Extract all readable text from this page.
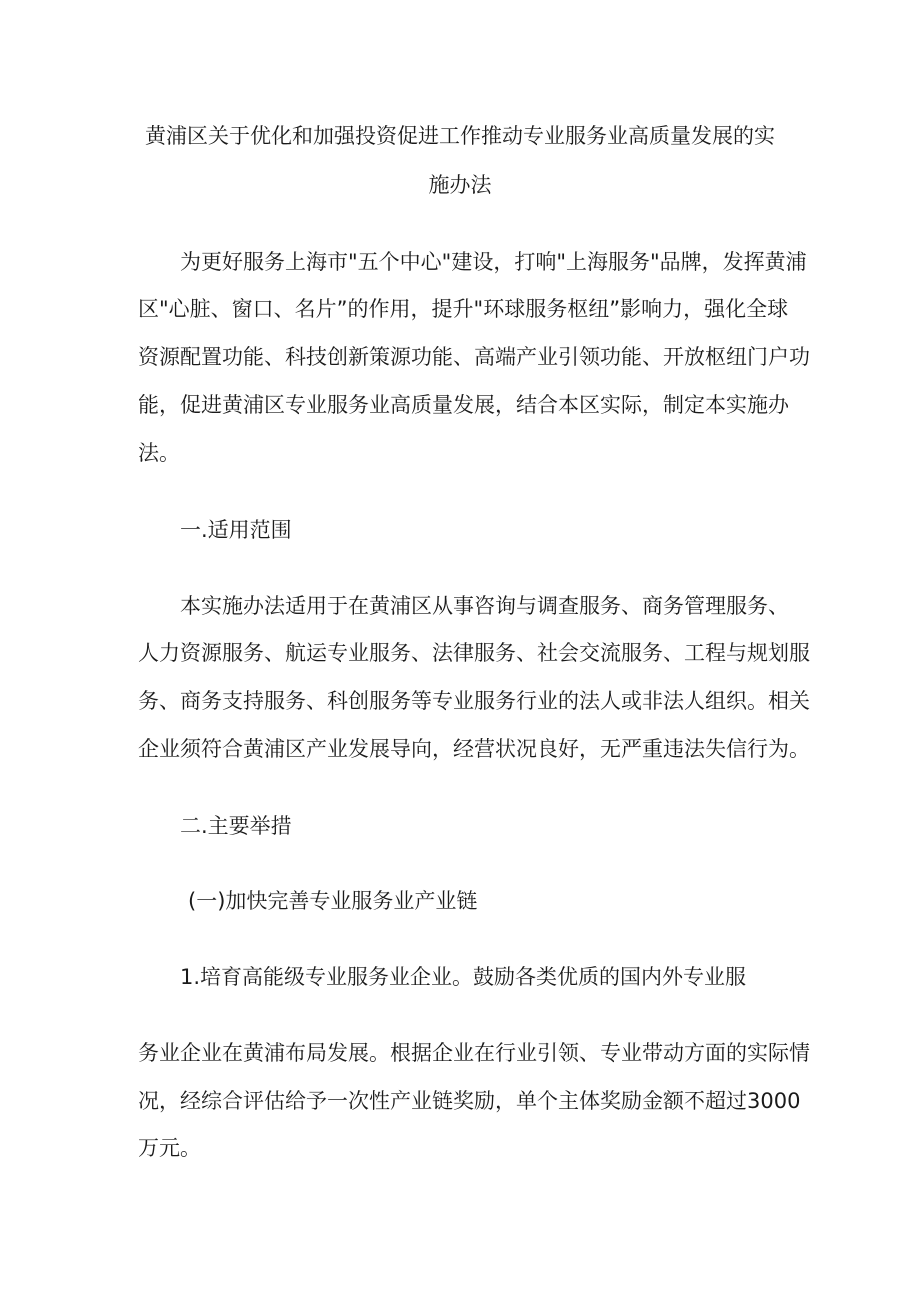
黄浦区关于优化和加强投资促进工作推动专业服务业高质量发展的实
施办法
为更好服务上海市"五个中心"建设，打响"上海服务"品牌，发挥黄浦
区"心脏、窗口、名片”的作用，提升"环球服务枢纽”影响力，强化全球
资源配置功能、科技创新策源功能、高端产业引领功能、开放枢纽门户功
能，促进黄浦区专业服务业高质量发展，结合本区实际，制定本实施办
法。
一.适用范围
本实施办法适用于在黄浦区从事咨询与调查服务、商务管理服务、
人力资源服务、航运专业服务、法律服务、社会交流服务、工程与规划服
务、商务支持服务、科创服务等专业服务行业的法人或非法人组织。相关
企业须符合黄浦区产业发展导向，经营状况良好，无严重违法失信行为。
二.主要举措
(一)加快完善专业服务业产业链
1.培育高能级专业服务业企业。鼓励各类优质的国内外专业服
务业企业在黄浦布局发展。根据企业在行业引领、专业带动方面的实际情
况，经综合评估给予一次性产业链奖励，单个主体奖励金额不超过3000
万元。
